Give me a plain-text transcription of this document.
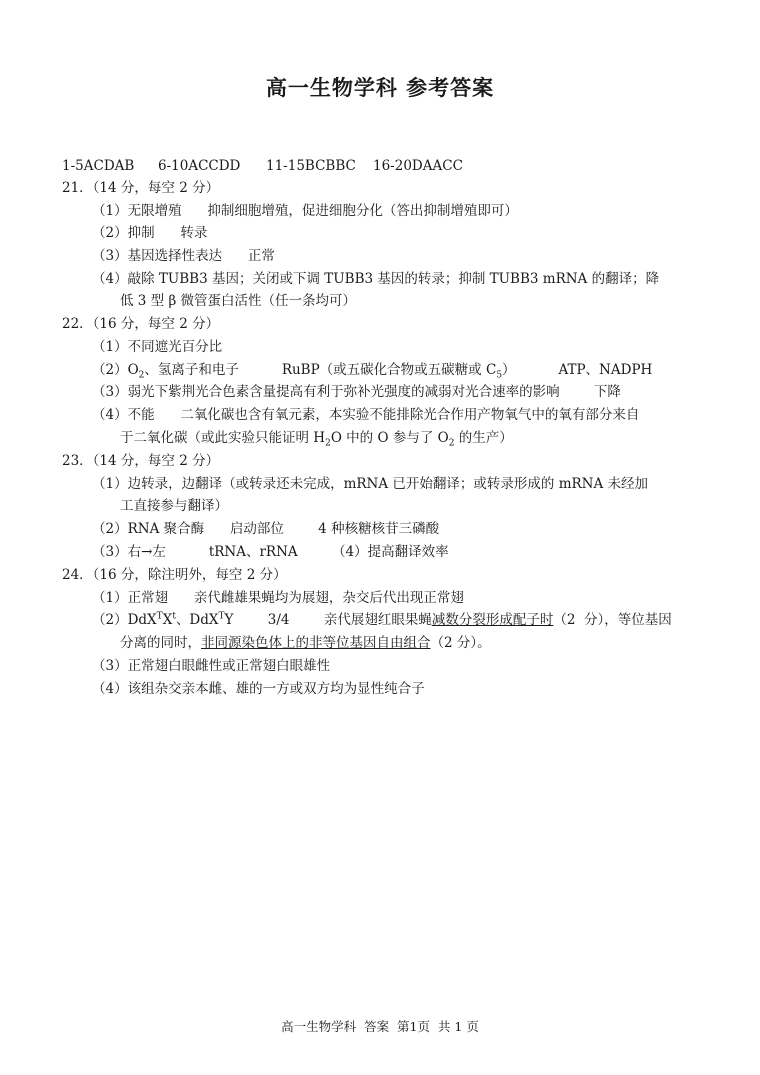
高一生物学科 参考答案
1-5ACDAB 6-10ACCDD 11-15BCBBC 16-20DAACC
21．（14 分，每空 2 分）
（1）无限增殖      抑制细胞增殖，促进细胞分化（答出抑制增殖即可）
（2）抑制      转录
（3）基因选择性表达      正常
（4）敲除 TUBB3 基因；关闭或下调 TUBB3 基因的转录；抑制 TUBB3 mRNA 的翻译；降
低 3 型 β 微管蛋白活性（任一条均可）
22．（16 分，每空 2 分）
（1）不同遮光百分比
$(2)O_2$、氢离子和电子          RuBP（或五碳化合物或五碳糖或 $C_5$）          ATP、NADPH
（3）弱光下紫荆光合色素含量提高有利于弥补光强度的减弱对光合速率的影响        下降
（4）不能      二氧化碳也含有氧元素，本实验不能排除光合作用产物氧气中的氧有部分来自
于二氧化碳（或此实验只能证明 $H_2O$ 中的 O 参与了 $O_2$ 的生产）
23．（14 分，每空 2 分）
（1）边转录，边翻译（或转录还未完成，mRNA 已开始翻译；或转录形成的 mRNA 未经加
工直接参与翻译）
（2）RNA 聚合酶      启动部位        4 种核糖核苷三磷酸
（3）右→左          tRNA、rRNA        （4）提高翻译效率
24．（16 分，除注明外，每空 2 分）
（1）正常翅      亲代雌雄果蝇均为展翅，杂交后代出现正常翅
$(2)DdX^TX^t$、DdX$^T$Y        3/4        亲代展翅红眼果蝇减数分裂形成配子时（2  分），等位基因
分离的同时，非同源染色体上的非等位基因自由组合（2 分）。
（3）正常翅白眼雌性或正常翅白眼雄性
（4）该组杂交亲本雌、雄的一方或双方均为显性纯合子
高一生物学科  答案  第1页  共 1 页
